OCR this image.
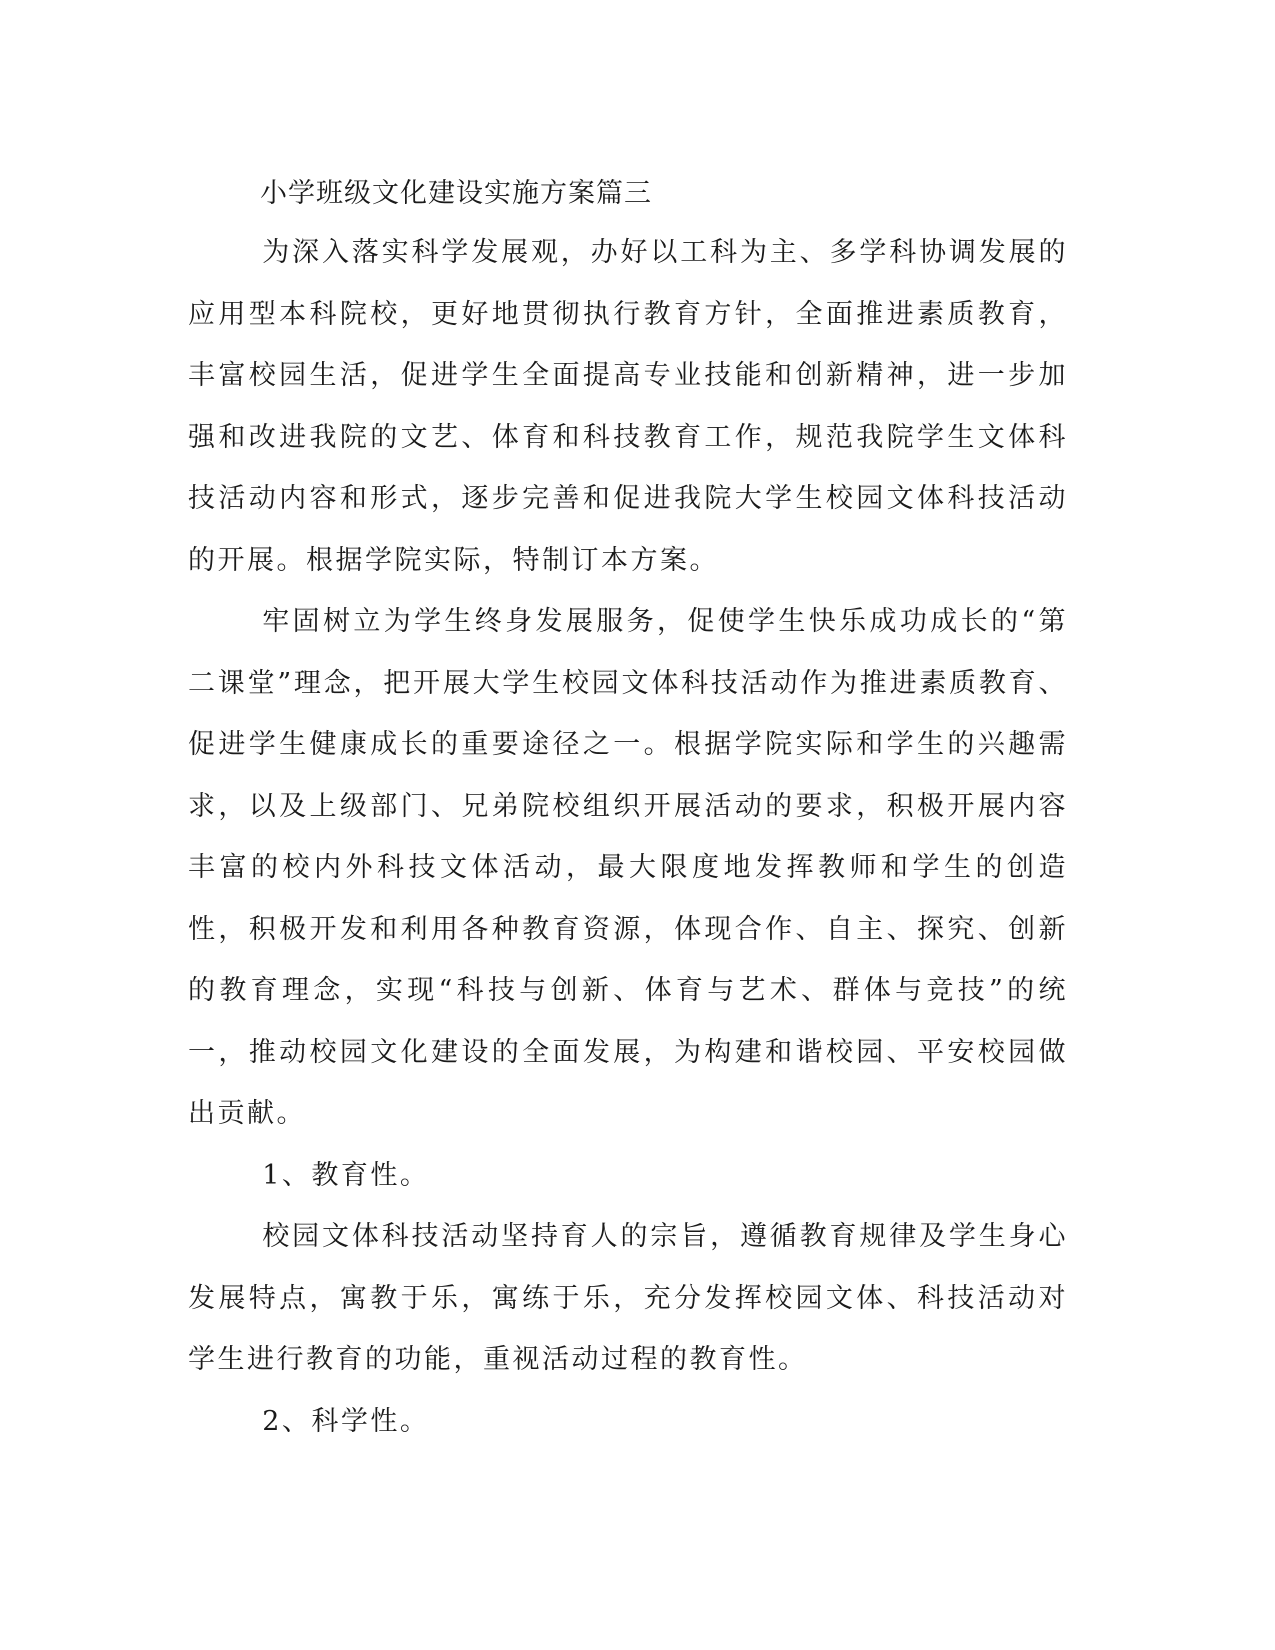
小学班级文化建设实施方案篇三

为深入落实科学发展观，办好以工科为主、多学科协调发展的应用型本科院校，更好地贯彻执行教育方针，全面推进素质教育，丰富校园生活，促进学生全面提高专业技能和创新精神，进一步加强和改进我院的文艺、体育和科技教育工作，规范我院学生文体科技活动内容和形式，逐步完善和促进我院大学生校园文体科技活动的开展。根据学院实际，特制订本方案。

牢固树立为学生终身发展服务，促使学生快乐成功成长的“第二课堂”理念，把开展大学生校园文体科技活动作为推进素质教育、促进学生健康成长的重要途径之一。根据学院实际和学生的兴趣需求，以及上级部门、兄弟院校组织开展活动的要求，积极开展内容丰富的校内外科技文体活动，最大限度地发挥教师和学生的创造性，积极开发和利用各种教育资源，体现合作、自主、探究、创新的教育理念，实现“科技与创新、体育与艺术、群体与竞技”的统一，推动校园文化建设的全面发展，为构建和谐校园、平安校园做出贡献。

1、教育性。

校园文体科技活动坚持育人的宗旨，遵循教育规律及学生身心发展特点，寓教于乐，寓练于乐，充分发挥校园文体、科技活动对学生进行教育的功能，重视活动过程的教育性。

2、科学性。
